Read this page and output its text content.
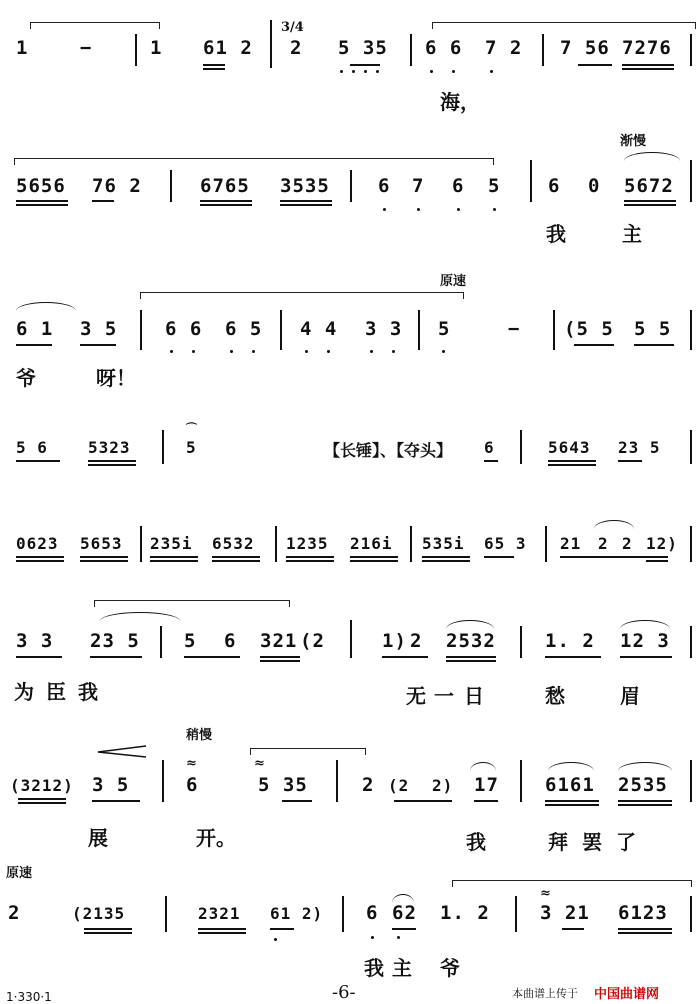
1	−	1 61 2
3/4
2 5 35 6 6 7 2 7 56 7276
海，
渐慢
5656 76 2	6765 3535	6 7 6 5	6 0 5672
我	主
原速
6 1 3 5	6 6 6 5 4 4 3 3 5	− (5 5 5 5
爷	呀！
5 6	5323
⌒
5	【长锤】、【夺头】 6	5643 23 5
0623 5653 235i 6532 1235 216i 535i 65 3 21 2 2 12)
3 3 23 5 5 6 321 (2	1) 2 2532	1. 2 12 3
为 臣 我	无 一 日	愁	眉
稍慢
(3212) 3 5
≈
6
≈
5 35	2 (2 2) 17 6161 2535
展	开。	我	拜 罢 了
原速
2	(2135	2321 61 2) 6 62 1. 2
≈
3 21 6123
我 主 爷
1·330·1	-6-	本曲谱上传于 中国曲谱网
